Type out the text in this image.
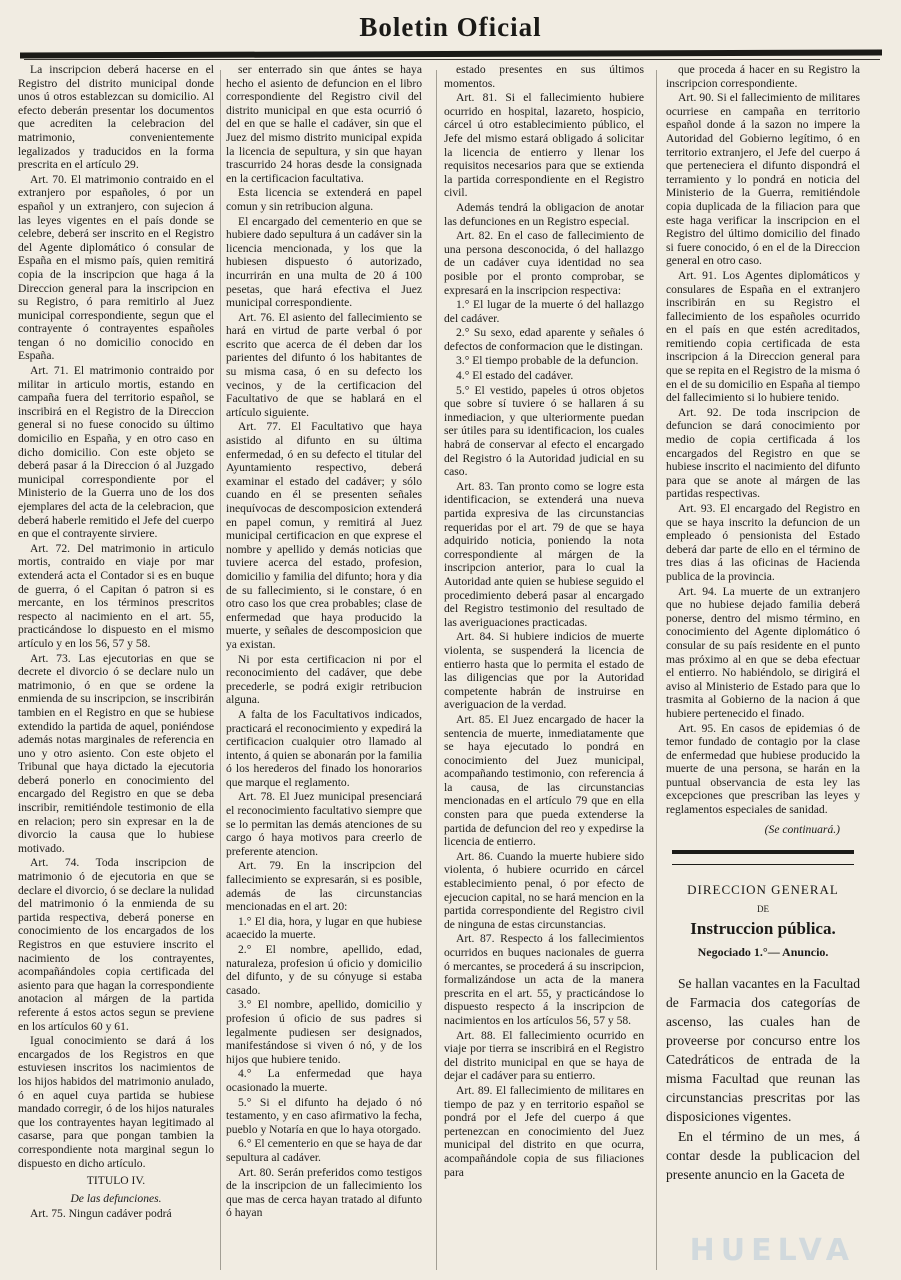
Boletin Oficial

La inscripcion deberá hacerse en el Registro del distrito municipal donde unos ú otros establezcan su domicilio. Al efecto deberán presentar los documentos que acrediten la celebracion del matrimonio, convenientemente legalizados y traducidos en la forma prescrita en el artículo 29.

Art. 70. El matrimonio contraido en el extranjero por españoles, ó por un español y un extranjero, con sujecion á las leyes vigentes en el país donde se celebre, deberá ser inscrito en el Registro del Agente diplomático ó consular de España en el mismo país, quien remitirá copia de la inscripcion que haga á la Direccion general para la inscripcion en su Registro, ó para remitirlo al Juez municipal correspondiente, segun que el contrayente ó contrayentes españoles tengan ó no domicilio conocido en España.

Art. 71. El matrimonio contraido por militar in articulo mortis, estando en campaña fuera del territorio español, se inscribirá en el Registro de la Direccion general si no fuese conocido su último domicilio en España, y en otro caso en dicho domicilio. Con este objeto se deberá pasar á la Direccion ó al Juzgado municipal correspondiente por el Ministerio de la Guerra uno de los dos ejemplares del acta de la celebracion, que deberá haberle remitido el Jefe del cuerpo en que el contrayente sirviere.

Art. 72. Del matrimonio in articulo mortis, contraido en viaje por mar extenderá acta el Contador si es en buque de guerra, ó el Capitan ó patron si es mercante, en los términos prescritos respecto al nacimiento en el art. 55, practicándose lo dispuesto en el mismo artículo y en los 56, 57 y 58.

Art. 73. Las ejecutorias en que se decrete el divorcio ó se declare nulo un matrimonio, ó en que se ordene la enmienda de su inscripcion, se inscribirán tambien en el Registro en que se hubiese extendido la partida de aquel, poniéndose además notas marginales de referencia en uno y otro asiento. Con este objeto el Tribunal que haya dictado la ejecutoria deberá ponerlo en conocimiento del encargado del Registro en que se deba inscribir, remitiéndole testimonio de ella en relacion; pero sin expresar en la de divorcio la causa que lo hubiese motivado.

Art. 74. Toda inscripcion de matrimonio ó de ejecutoria en que se declare el divorcio, ó se declare la nulidad del matrimonio ó la enmienda de su partida respectiva, deberá ponerse en conocimiento de los encargados de los Registros en que estuviere inscrito el nacimiento de los contrayentes, acompañándoles copia certificada del asiento para que hagan la correspondiente anotacion al márgen de la partida referente á estos actos segun se previene en los artículos 60 y 61.

Igual conocimiento se dará á los encargados de los Registros en que estuviesen inscritos los nacimientos de los hijos habidos del matrimonio anulado, ó en aquel cuya partida se hubiese mandado corregir, ó de los hijos naturales que los contrayentes hayan legitimado al casarse, para que pongan tambien la correspondiente nota marginal segun lo dispuesto en dicho artículo.

TITULO IV.
De las defunciones.

Art. 75. Ningun cadáver podrá

ser enterrado sin que ántes se haya hecho el asiento de defuncion en el libro correspondiente del Registro civil del distrito municipal en que esta ocurrió ó del en que se halle el cadáver, sin que el Juez del mismo distrito municipal expida la licencia de sepultura, y sin que hayan trascurrido 24 horas desde la consignada en la certificacion facultativa.

Esta licencia se extenderá en papel comun y sin retribucion alguna.

El encargado del cementerio en que se hubiere dado sepultura á un cadáver sin la licencia mencionada, y los que la hubiesen dispuesto ó autorizado, incurrirán en una multa de 20 á 100 pesetas, que hará efectiva el Juez municipal correspondiente.

Art. 76. El asiento del fallecimiento se hará en virtud de parte verbal ó por escrito que acerca de él deben dar los parientes del difunto ó los habitantes de su misma casa, ó en su defecto los vecinos, y de la certificacion del Facultativo de que se hablará en el artículo siguiente.

Art. 77. El Facultativo que haya asistido al difunto en su última enfermedad, ó en su defecto el titular del Ayuntamiento respectivo, deberá examinar el estado del cadáver; y sólo cuando en él se presenten señales inequívocas de descomposicion extenderá en papel comun, y remitirá al Juez municipal certificacion en que exprese el nombre y apellido y demás noticias que tuviere acerca del estado, profesion, domicilio y familia del difunto; hora y dia de su fallecimiento, si le constare, ó en otro caso los que crea probables; clase de enfermedad que haya producido la muerte, y señales de descomposicion que ya existan.

Ni por esta certificacion ni por el reconocimiento del cadáver, que debe precederle, se podrá exigir retribucion alguna.

A falta de los Facultativos indicados, practicará el reconocimiento y expedirá la certificacion cualquier otro llamado al intento, á quien se abonarán por la familia ó los herederos del finado los honorarios que marque el reglamento.

Art. 78. El Juez municipal presenciará el reconocimiento facultativo siempre que se lo permitan las demás atenciones de su cargo ó haya motivos para creerlo de preferente atencion.

Art. 79. En la inscripcion del fallecimiento se expresarán, si es posible, además de las circunstancias mencionadas en el art. 20:

1.° El dia, hora, y lugar en que hubiese acaecido la muerte.

2.° El nombre, apellido, edad, naturaleza, profesion ú oficio y domicilio del difunto, y de su cónyuge si estaba casado.

3.° El nombre, apellido, domicilio y profesion ú oficio de sus padres si legalmente pudiesen ser designados, manifestándose si viven ó nó, y de los hijos que hubiere tenido.

4.° La enfermedad que haya ocasionado la muerte.

5.° Si el difunto ha dejado ó nó testamento, y en caso afirmativo la fecha, pueblo y Notaría en que lo haya otorgado.

6.° El cementerio en que se haya de dar sepultura al cadáver.

Art. 80. Serán preferidos como testigos de la inscripcion de un fallecimiento los que mas de cerca hayan tratado al difunto ó hayan

estado presentes en sus últimos momentos.

Art. 81. Si el fallecimiento hubiere ocurrido en hospital, lazareto, hospicio, cárcel ú otro establecimiento público, el Jefe del mismo estará obligado á solicitar la licencia de entierro y llenar los requisitos necesarios para que se extienda la partida correspondiente en el Registro civil.

Además tendrá la obligacion de anotar las defunciones en un Registro especial.

Art. 82. En el caso de fallecimiento de una persona desconocida, ó del hallazgo de un cadáver cuya identidad no sea posible por el pronto comprobar, se expresará en la inscripcion respectiva:

1.° El lugar de la muerte ó del hallazgo del cadáver.

2.° Su sexo, edad aparente y señales ó defectos de conformacion que le distingan.

3.° El tiempo probable de la defuncion.

4.° El estado del cadáver.

5.° El vestido, papeles ú otros objetos que sobre sí tuviere ó se hallaren á su inmediacion, y que ulteriormente puedan ser útiles para su identificacion, los cuales habrá de conservar al efecto el encargado del Registro ó la Autoridad judicial en su caso.

Art. 83. Tan pronto como se logre esta identificacion, se extenderá una nueva partida expresiva de las circunstancias requeridas por el art. 79 de que se haya adquirido noticia, poniendo la nota correspondiente al márgen de la inscripcion anterior, para lo cual la Autoridad ante quien se hubiese seguido el procedimiento deberá pasar al encargado del Registro testimonio del resultado de las averiguaciones practicadas.

Art. 84. Si hubiere indicios de muerte violenta, se suspenderá la licencia de entierro hasta que lo permita el estado de las diligencias que por la Autoridad competente habrán de instruirse en averiguacion de la verdad.

Art. 85. El Juez encargado de hacer la sentencia de muerte, inmediatamente que se haya ejecutado lo pondrá en conocimiento del Juez municipal, acompañando testimonio, con referencia á la causa, de las circunstancias mencionadas en el artículo 79 que en ella consten para que pueda extenderse la partida de defuncion del reo y expedirse la licencia de entierro.

Art. 86. Cuando la muerte hubiere sido violenta, ó hubiere ocurrido en cárcel establecimiento penal, ó por efecto de ejecucion capital, no se hará mencion en la partida correspondiente del Registro civil de ninguna de estas circunstancias.

Art. 87. Respecto á los fallecimientos ocurridos en buques nacionales de guerra ó mercantes, se procederá á su inscripcion, formalizándose un acta de la manera prescrita en el art. 55, y practicándose lo dispuesto respecto á la inscripcion de nacimientos en los artículos 56, 57 y 58.

Art. 88. El fallecimiento ocurrido en viaje por tierra se inscribirá en el Registro del distrito municipal en que se haya de dejar el cadáver para su entierro.

Art. 89. El fallecimiento de militares en tiempo de paz y en territorio español se pondrá por el Jefe del cuerpo á que pertenezcan en conocimiento del Juez municipal del distrito en que ocurra, acompañándole copia de sus filiaciones para

que proceda á hacer en su Registro la inscripcion correspondiente.

Art. 90. Si el fallecimiento de militares ocurriese en campaña en territorio español donde á la sazon no impere la Autoridad del Gobierno legítimo, ó en territorio extranjero, el Jefe del cuerpo á que perteneciera el difunto dispondrá el terramiento y lo pondrá en noticia del Ministerio de la Guerra, remitiéndole copia duplicada de la filiacion para que este haga verificar la inscripcion en el Registro del último domicilio del finado si fuere conocido, ó en el de la Direccion general en otro caso.

Art. 91. Los Agentes diplomáticos y consulares de España en el extranjero inscribirán en su Registro el fallecimiento de los españoles ocurrido en el país en que estén acreditados, remitiendo copia certificada de esta inscripcion á la Direccion general para que se repita en el Registro de la misma ó en el de su domicilio en España al tiempo del fallecimiento si lo hubiere tenido.

Art. 92. De toda inscripcion de defuncion se dará conocimiento por medio de copia certificada á los encargados del Registro en que se hubiese inscrito el nacimiento del difunto para que se anote al márgen de las partidas respectivas.

Art. 93. El encargado del Registro en que se haya inscrito la defuncion de un empleado ó pensionista del Estado deberá dar parte de ello en el término de tres dias á las oficinas de Hacienda publica de la provincia.

Art. 94. La muerte de un extranjero que no hubiese dejado familia deberá ponerse, dentro del mismo término, en conocimiento del Agente diplomático ó consular de su país residente en el punto mas próximo al en que se deba efectuar el entierro. No habiéndolo, se dirigirá el aviso al Ministerio de Estado para que lo trasmita al Gobierno de la nacion á que hubiere pertenecido el finado.

Art. 95. En casos de epidemias ó de temor fundado de contagio por la clase de enfermedad que hubiese producido la muerte de una persona, se harán en la puntual observancia de esta ley las excepciones que prescriban las leyes y reglamentos especiales de sanidad.

(Se continuará.)
DIRECCION GENERAL
DE
Instruccion pública.
Negociado 1.°— Anuncio.

Se hallan vacantes en la Facultad de Farmacia dos categorías de ascenso, las cuales han de proveerse por concurso entre los Catedráticos de entrada de la misma Facultad que reunan las circunstancias prescritas por las disposiciones vigentes.

En el término de un mes, á contar desde la publicacion del presente anuncio en la Gaceta de

HUELVA
